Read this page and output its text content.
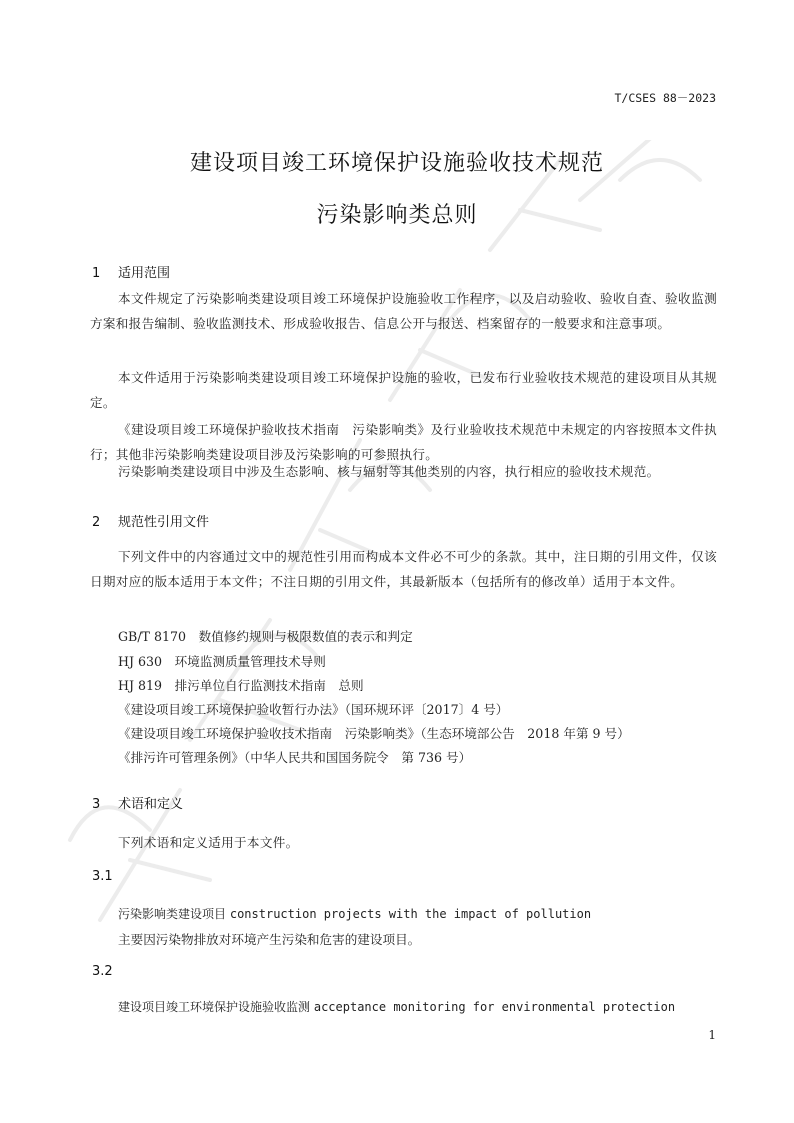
T/CSES 88－2023
建设项目竣工环境保护设施验收技术规范
污染影响类总则
1 适用范围
本文件规定了污染影响类建设项目竣工环境保护设施验收工作程序，以及启动验收、验收自查、验收监测方案和报告编制、验收监测技术、形成验收报告、信息公开与报送、档案留存的一般要求和注意事项。
本文件适用于污染影响类建设项目竣工环境保护设施的验收，已发布行业验收技术规范的建设项目从其规定。
《建设项目竣工环境保护验收技术指南　污染影响类》及行业验收技术规范中未规定的内容按照本文件执行；其他非污染影响类建设项目涉及污染影响的可参照执行。
污染影响类建设项目中涉及生态影响、核与辐射等其他类别的内容，执行相应的验收技术规范。
2 规范性引用文件
下列文件中的内容通过文中的规范性引用而构成本文件必不可少的条款。其中，注日期的引用文件，仅该日期对应的版本适用于本文件；不注日期的引用文件，其最新版本（包括所有的修改单）适用于本文件。
GB/T 8170　数值修约规则与极限数值的表示和判定
HJ 630　环境监测质量管理技术导则
HJ 819　排污单位自行监测技术指南　总则
《建设项目竣工环境保护验收暂行办法》（国环规环评〔2017〕4 号）
《建设项目竣工环境保护验收技术指南　污染影响类》（生态环境部公告　2018 年第 9 号）
《排污许可管理条例》（中华人民共和国国务院令　第 736 号）
3 术语和定义
下列术语和定义适用于本文件。
3.1
污染影响类建设项目 construction projects with the impact of pollution
主要因污染物排放对环境产生污染和危害的建设项目。
3.2
建设项目竣工环境保护设施验收监测 acceptance monitoring for environmental protection
1
